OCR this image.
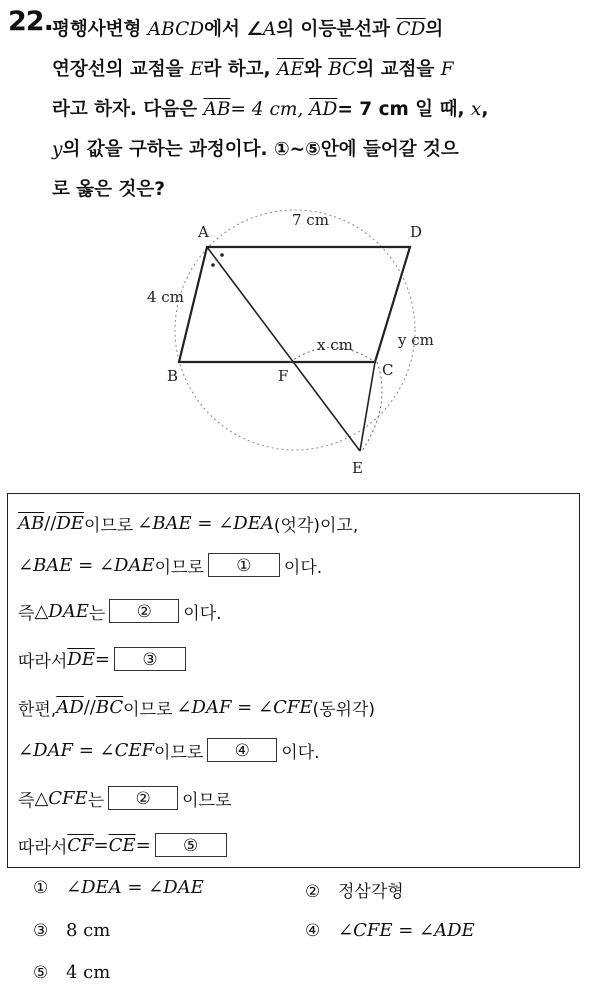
22. 평행사변형 ABCD에서 ∠A의 이등분선과 $\overline{CD}$의
연장선의 교점을 E라 하고, $\overline{AE}$와 $\overline{BC}$의 교점을 F
라고 하자. 다음은 $\overline{AB}= 4$ cm, $\overline{AD}= 7$ cm 일 때, x,
y의 값을 구하는 과정이다. ①~⑤안에 들어갈 것으
로 옳은 것은?
A	D
B	F	C
E
7 cm
4 cm
x cm	y cm
$\overline{AB} // \overline{DE}$ 이므로 ∠BAE = ∠DEA (엇각)이고,
∠BAE = ∠DAE 이므로	①	이다.
즉 △DAE 는	②	이다.
따라서 $\overline{DE}$ =	③
한편, $\overline{AD} // \overline{BC}$ 이므로 ∠DAF = ∠CFE (동위각)
∠DAF = ∠CEF 이므로	④	이다.
즉 △CFE 는	②	이므로
따라서 $\overline{CF} = \overline{CE}$ =	⑤
① ∠DEA = ∠DAE	② 정삼각형
③ 8 cm	④ ∠CFE = ∠ADE
⑤ 4 cm
